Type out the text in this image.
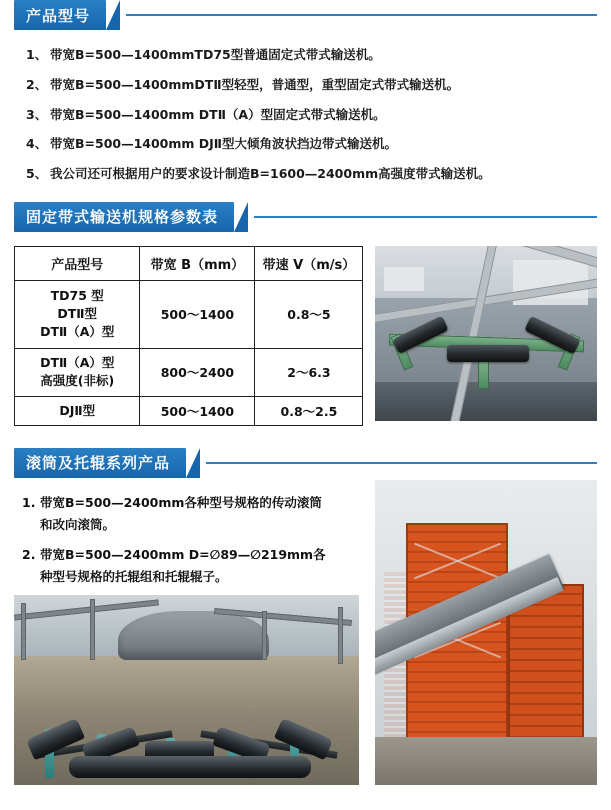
产品型号
1、 带宽B=500—1400mmTD75型普通固定式带式输送机。
2、 带宽B=500—1400mmDTⅡ型轻型，普通型，重型固定式带式输送机。
3、 带宽B=500—1400mm DTⅡ（A）型固定式带式输送机。
4、 带宽B=500—1400mm DJⅡ型大倾角波状挡边带式输送机。
5、 我公司还可根据用户的要求设计制造B=1600—2400mm高强度带式输送机。
固定带式输送机规格参数表
产品型号	带宽 B（mm）	带速 V（m/s）

TD75 型
DTⅡ型
DTⅡ（A）型	500～1400	0.8～5

DTⅡ（A）型
高强度(非标)	800～2400	2～6.3

DJⅡ型	500～1400	0.8～2.5
滚筒及托辊系列产品
1. 带宽B=500—2400mm各种型号规格的传动滚筒和改向滚筒。
2. 带宽B=500—2400mm D=∅89—∅219mm各种型号规格的托辊组和托辊辊子。
